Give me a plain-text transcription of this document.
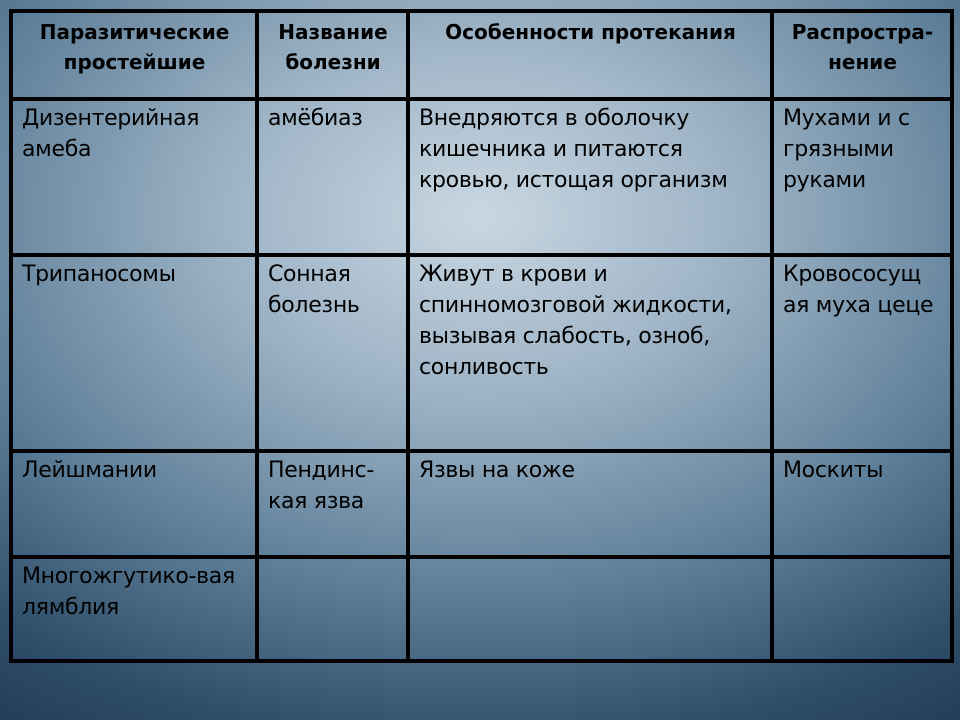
Паразитические простейшие	Название болезни	Особенности протекания	Распростра-нение
Дизентерийная амеба	амёбиаз	Внедряются в оболочку кишечника и питаются кровью, истощая организм	Мухами и с грязными руками
Трипаносомы	Сонная болезнь	Живут в крови и спинномозговой жидкости, вызывая слабость, озноб, сонливость	Кровососущ ая муха цеце
Лейшмании	Пендинс-кая язва	Язвы на коже	Москиты
Многожгутико-вая лямблия			
